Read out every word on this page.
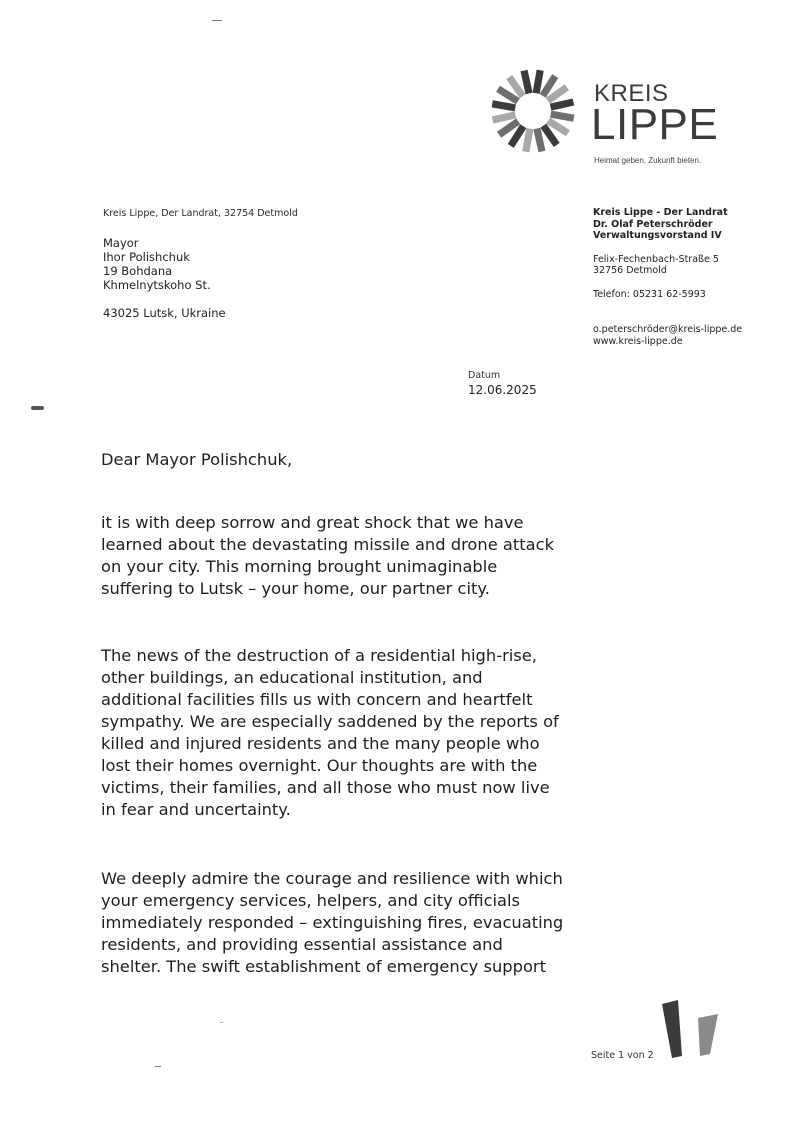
KREIS
LIPPE
Heimat geben. Zukunft bieten.
Kreis Lippe, Der Landrat, 32754 Detmold
Mayor
Ihor Polishchuk
19 Bohdana
Khmelnytskoho St.
43025 Lutsk, Ukraine
Kreis Lippe - Der Landrat
Dr. Olaf Peterschröder
Verwaltungsvorstand IV
Felix-Fechenbach-Straße 5
32756 Detmold
Telefon: 05231 62-5993
o.peterschröder@kreis-lippe.de
www.kreis-lippe.de
Datum
12.06.2025
Dear Mayor Polishchuk,
it is with deep sorrow and great shock that we have
learned about the devastating missile and drone attack
on your city. This morning brought unimaginable
suffering to Lutsk – your home, our partner city.
The news of the destruction of a residential high-rise,
other buildings, an educational institution, and
additional facilities fills us with concern and heartfelt
sympathy. We are especially saddened by the reports of
killed and injured residents and the many people who
lost their homes overnight. Our thoughts are with the
victims, their families, and all those who must now live
in fear and uncertainty.
We deeply admire the courage and resilience with which
your emergency services, helpers, and city officials
immediately responded – extinguishing fires, evacuating
residents, and providing essential assistance and
shelter. The swift establishment of emergency support
Seite 1 von 2
